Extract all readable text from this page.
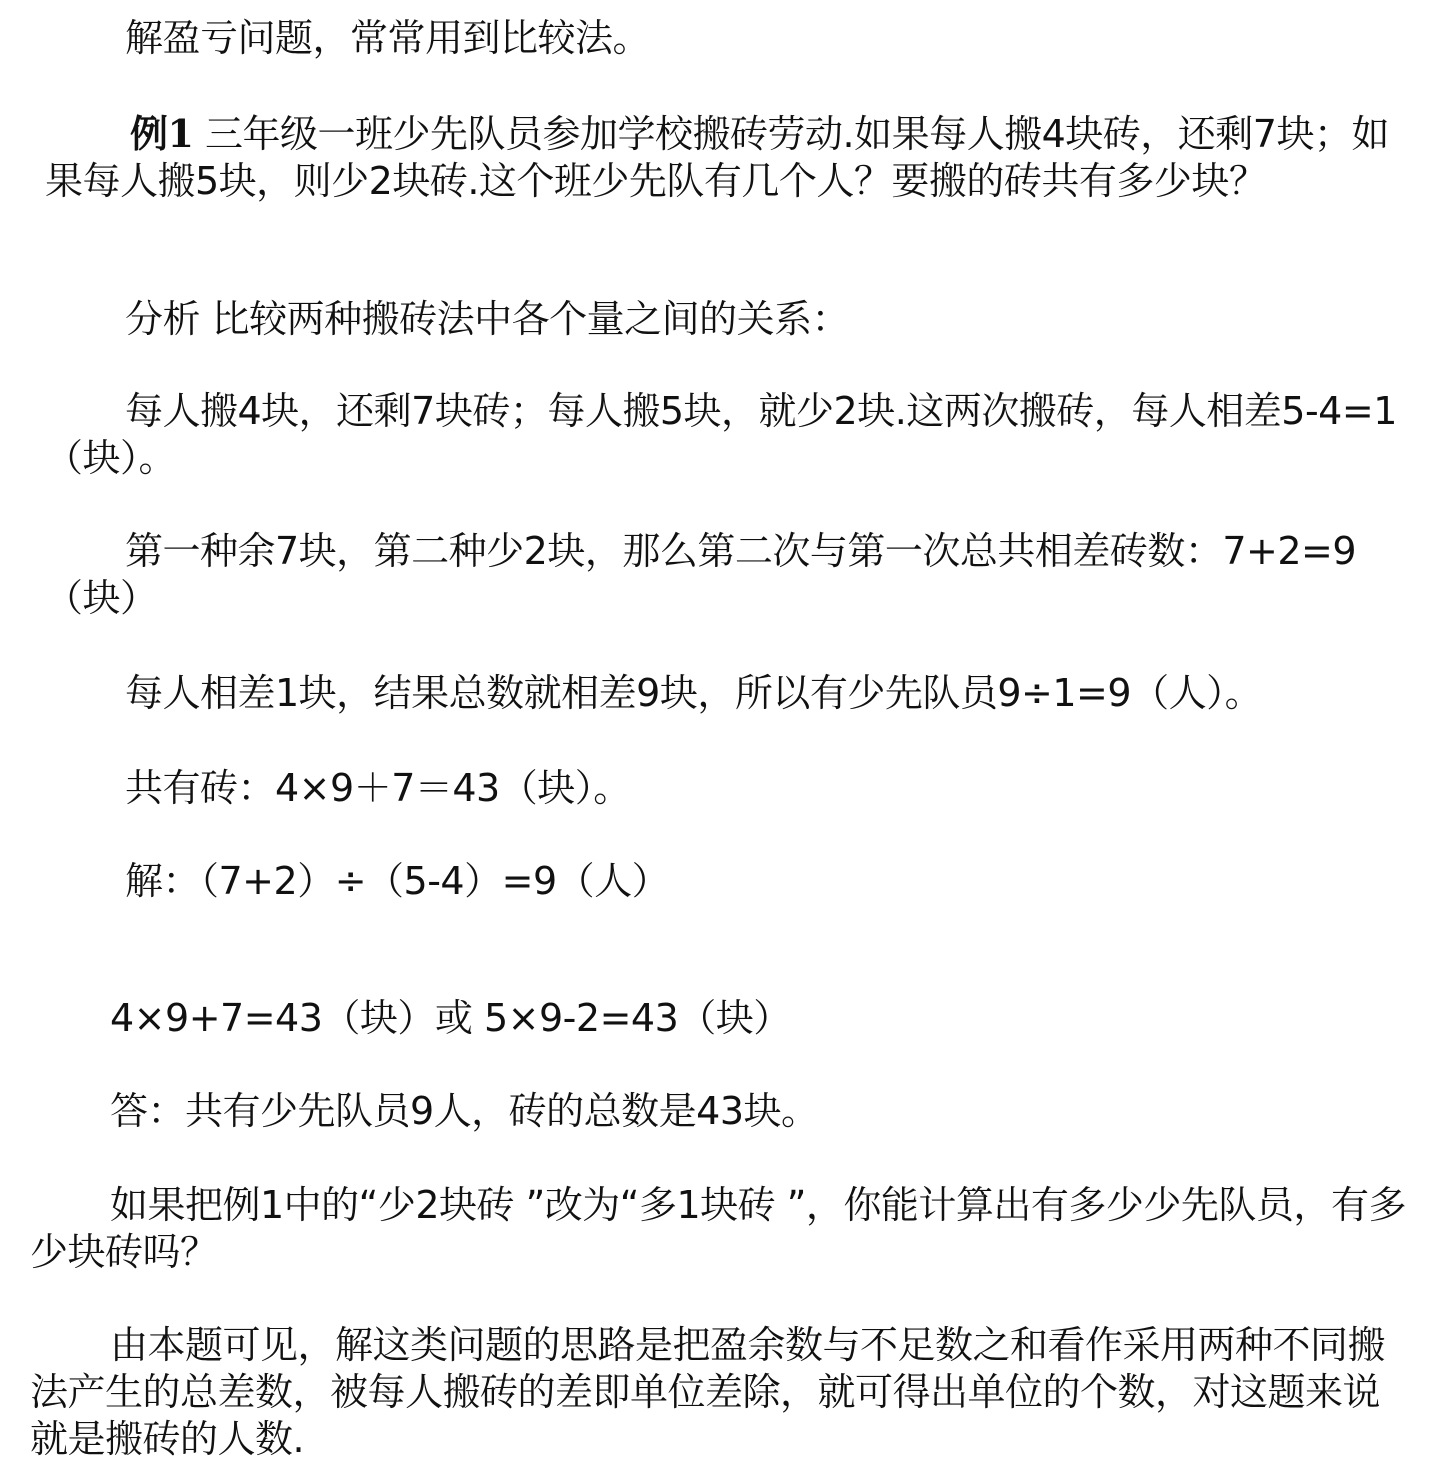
解盈亏问题，常常用到比较法。

例1 三年级一班少先队员参加学校搬砖劳动.如果每人搬4块砖，还剩7块；如果每人搬5块，则少2块砖.这个班少先队有几个人？要搬的砖共有多少块？

分析 比较两种搬砖法中各个量之间的关系：

每人搬4块，还剩7块砖；每人搬5块，就少2块.这两次搬砖，每人相差5-4=1（块）。

第一种余7块，第二种少2块，那么第二次与第一次总共相差砖数：7+2=9（块）

每人相差1块，结果总数就相差9块，所以有少先队员9÷1=9（人）。

共有砖：4×9＋7＝43（块）。

解：（7+2）÷（5-4）=9（人）

4×9+7=43（块）或 5×9-2=43（块）

答：共有少先队员9人，砖的总数是43块。

如果把例1中的“少2块砖 ”改为“多1块砖 ”，你能计算出有多少少先队员，有多少块砖吗？

由本题可见，解这类问题的思路是把盈余数与不足数之和看作采用两种不同搬法产生的总差数，被每人搬砖的差即单位差除，就可得出单位的个数，对这题来说就是搬砖的人数.
